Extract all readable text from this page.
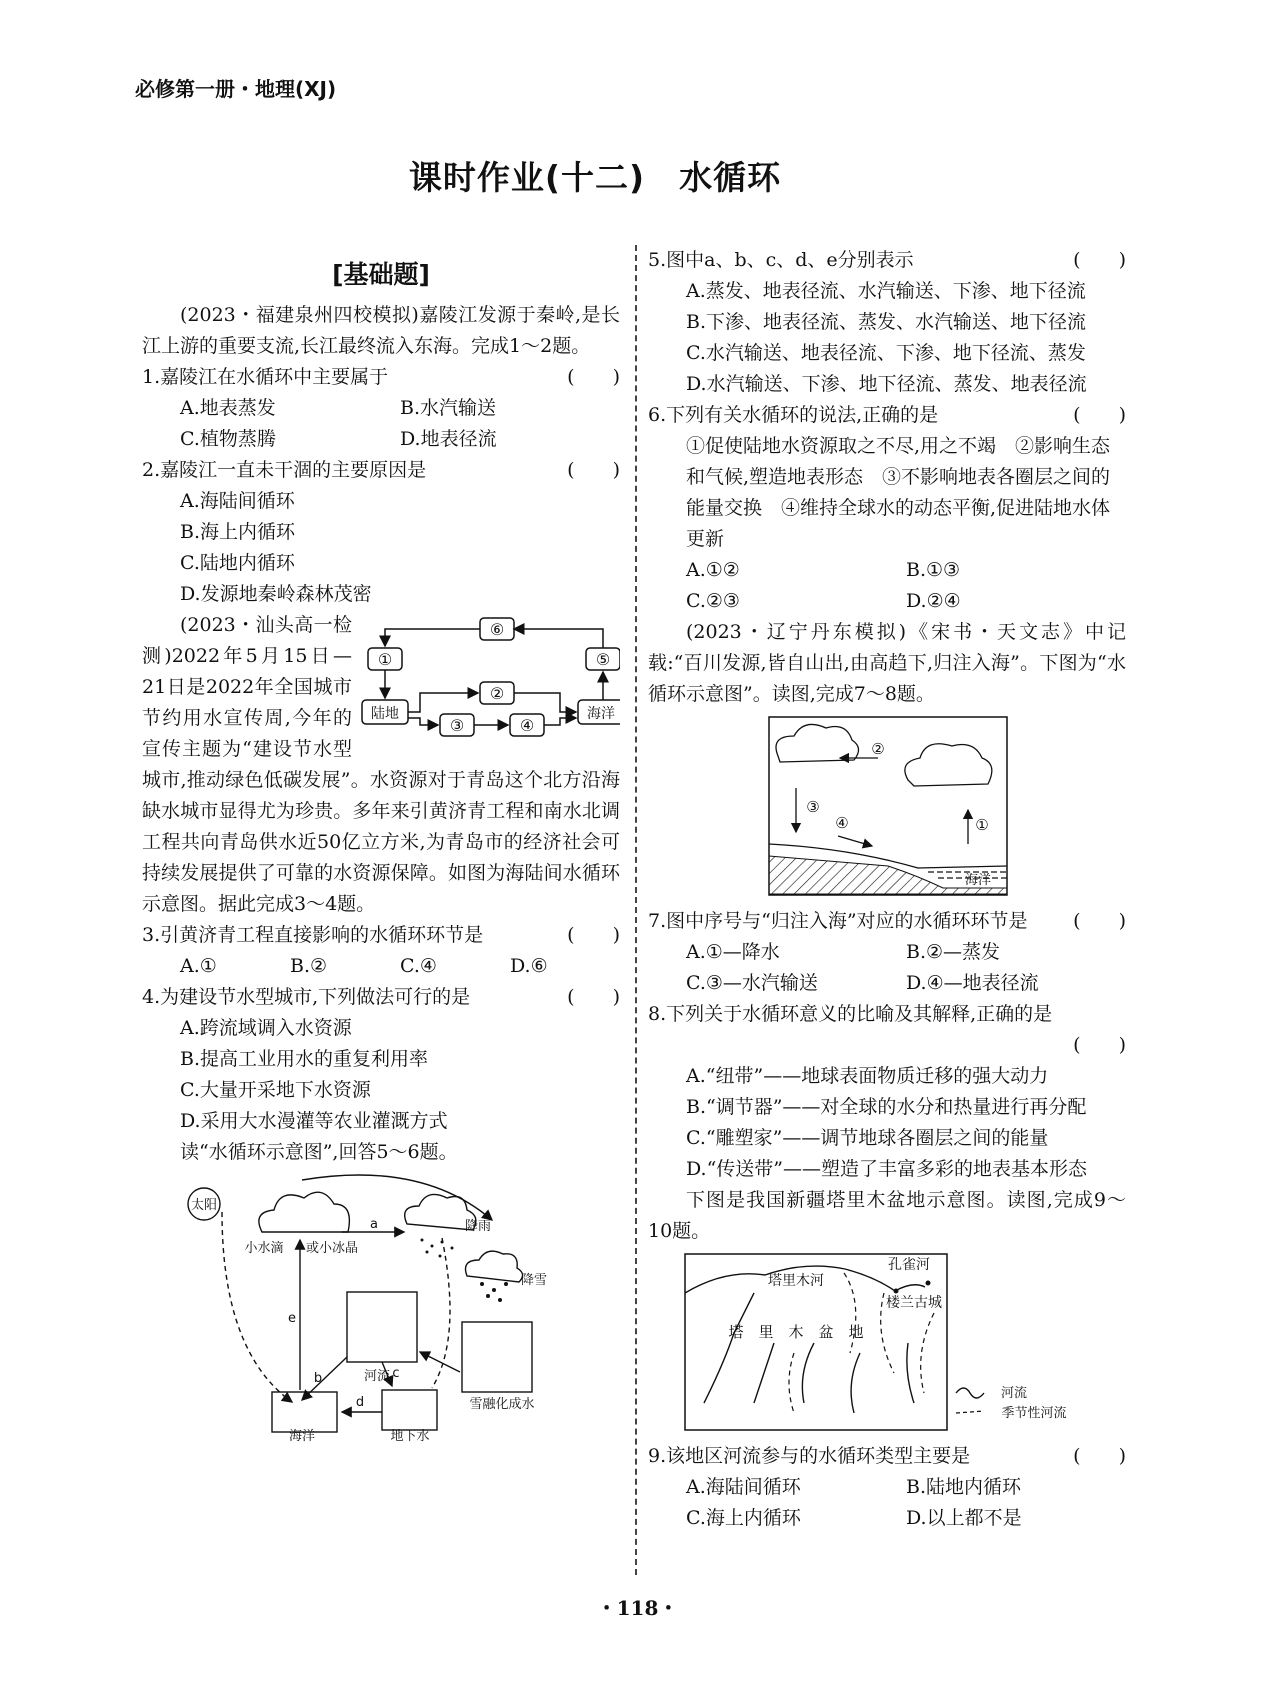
必修第一册・地理(XJ)
课时作业(十二)　水循环

[基础题]

(2023・福建泉州四校模拟)嘉陵江发源于秦岭,是长江上游的重要支流,长江最终流入东海。完成1～2题。

1.嘉陵江在水循环中主要属于	(　　)
A.地表蒸发	B.水汽输送
C.植物蒸腾	D.地表径流
2.嘉陵江一直未干涸的主要原因是	(　　)

A.海陆间循环

B.海上内循环

C.陆地内循环

D.发源地秦岭森林茂密

⑥
①	⑤
②
③	④
陆地	海洋

(2023・汕头高一检测)2022年5月15日—21日是2022年全国城市节约用水宣传周,今年的宣传主题为“建设节水型城市,推动绿色低碳发展”。水资源对于青岛这个北方沿海缺水城市显得尤为珍贵。多年来引黄济青工程和南水北调工程共向青岛供水近50亿立方米,为青岛市的经济社会可持续发展提供了可靠的水资源保障。如图为海陆间水循环示意图。据此完成3～4题。

3.引黄济青工程直接影响的水循环环节是	(　　)
A.①	B.②	C.④	D.⑥
4.为建设节水型城市,下列做法可行的是	(　　)

A.跨流域调入水资源

B.提高工业用水的重复利用率

C.大量开采地下水资源

D.采用大水漫灌等农业灌溉方式

读“水循环示意图”,回答5～6题。

太阳
小水滴 或小冰晶
降雨
降雪
河流
海洋	地下水
雪融化成水
a
b	c
d
e
5.图中a、b、c、d、e分别表示	(　　)

A.蒸发、地表径流、水汽输送、下渗、地下径流

B.下渗、地表径流、蒸发、水汽输送、地下径流

C.水汽输送、地表径流、下渗、地下径流、蒸发

D.水汽输送、下渗、地下径流、蒸发、地表径流

6.下列有关水循环的说法,正确的是	(　　)

①促使陆地水资源取之不尽,用之不竭　②影响生态和气候,塑造地表形态　③不影响地表各圈层之间的能量交换　④维持全球水的动态平衡,促进陆地水体更新

A.①②	B.①③
C.②③	D.②④

(2023・辽宁丹东模拟)《宋书・天文志》中记载:“百川发源,皆自山出,由高趋下,归注入海”。下图为“水循环示意图”。读图,完成7～8题。

②
③
④	①
海洋
7.图中序号与“归注入海”对应的水循环环节是 (　　)
A.①—降水	B.②—蒸发
C.③—水汽输送	D.④—地表径流

8.下列关于水循环意义的比喻及其解释,正确的是

(　　)

A.“纽带”——地球表面物质迁移的强大动力

B.“调节器”——对全球的水分和热量进行再分配

C.“雕塑家”——调节地球各圈层之间的能量

D.“传送带”——塑造了丰富多彩的地表基本形态

下图是我国新疆塔里木盆地示意图。读图,完成9～10题。

塔里木河
孔雀河
楼兰古城
塔　里　木　盆　地
河流
季节性河流
9.该地区河流参与的水循环类型主要是	(　　)
A.海陆间循环	B.陆地内循环
C.海上内循环	D.以上都不是
・118・
